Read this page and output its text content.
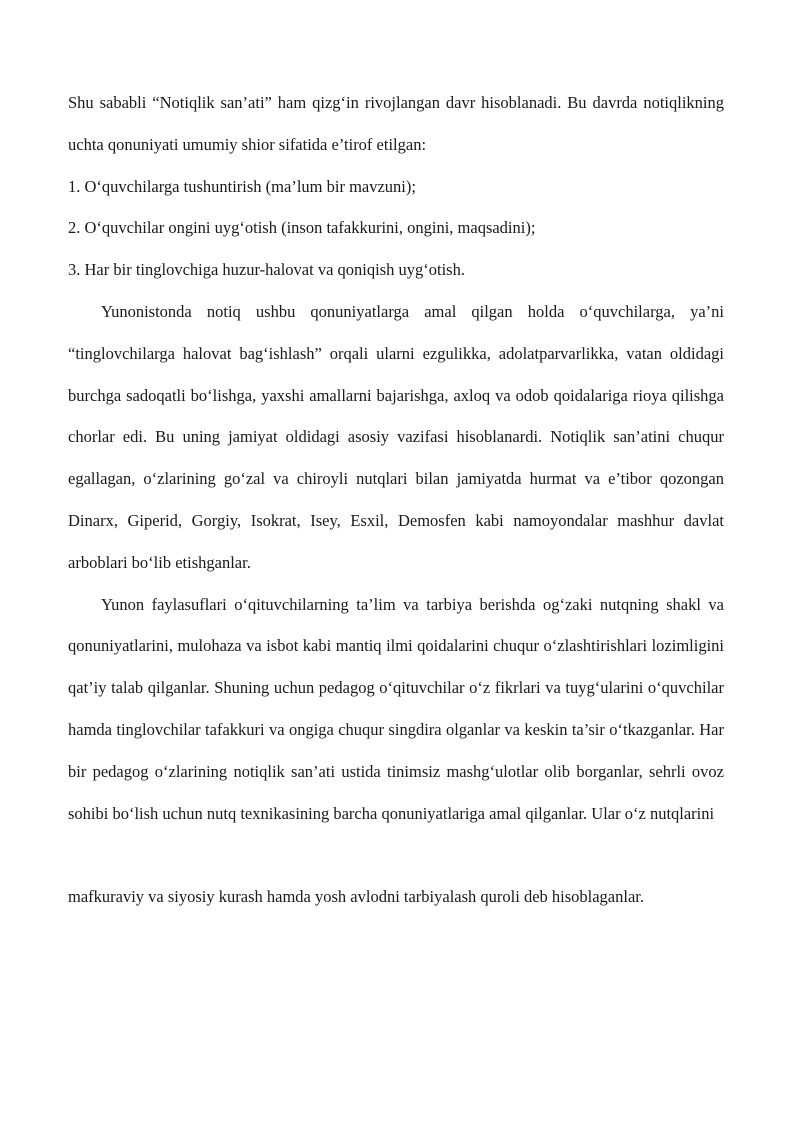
Shu sababli “Notiqlik san’ati” ham qizg‘in rivojlangan davr hisoblanadi. Bu davrda notiqlikning uchta qonuniyati umumiy shior sifatida e’tirof etilgan:

1. O‘quvchilarga tushuntirish (ma’lum bir mavzuni);

2. O‘quvchilar ongini uyg‘otish (inson tafakkurini, ongini, maqsadini);

3. Har bir tinglovchiga huzur-halovat va qoniqish uyg‘otish.

Yunonistonda notiq ushbu qonuniyatlarga amal qilgan holda o‘quvchilarga, ya’ni “tinglovchilarga halovat bag‘ishlash” orqali ularni ezgulikka, adolatparvarlikka, vatan oldidagi burchga sadoqatli bo‘lishga, yaxshi amallarni bajarishga, axloq va odob qoidalariga rioya qilishga chorlar edi. Bu uning jamiyat oldidagi asosiy vazifasi hisoblanardi. Notiqlik san’atini chuqur egallagan, o‘zlarining go‘zal va chiroyli nutqlari bilan jamiyatda hurmat va e’tibor qozongan Dinarx, Giperid, Gorgiy, Isokrat, Isey, Esxil, Demosfen kabi namoyondalar mashhur davlat arboblari bo‘lib etishganlar.

Yunon faylasuflari o‘qituvchilarning ta’lim va tarbiya berishda og‘zaki nutqning shakl va qonuniyatlarini, mulohaza va isbot kabi mantiq ilmi qoidalarini chuqur o‘zlashtirishlari lozimligini qat’iy talab qilganlar. Shuning uchun pedagog o‘qituvchilar o‘z fikrlari va tuyg‘ularini o‘quvchilar hamda tinglovchilar tafakkuri va ongiga chuqur singdira olganlar va keskin ta’sir o‘tkazganlar. Har bir pedagog o‘zlarining notiqlik san’ati ustida tinimsiz mashg‘ulotlar olib borganlar, sehrli ovoz sohibi bo‘lish uchun nutq texnikasining barcha qonuniyatlariga amal qilganlar. Ular o‘z nutqlarini

mafkuraviy va siyosiy kurash hamda yosh avlodni tarbiyalash quroli deb hisoblaganlar.
